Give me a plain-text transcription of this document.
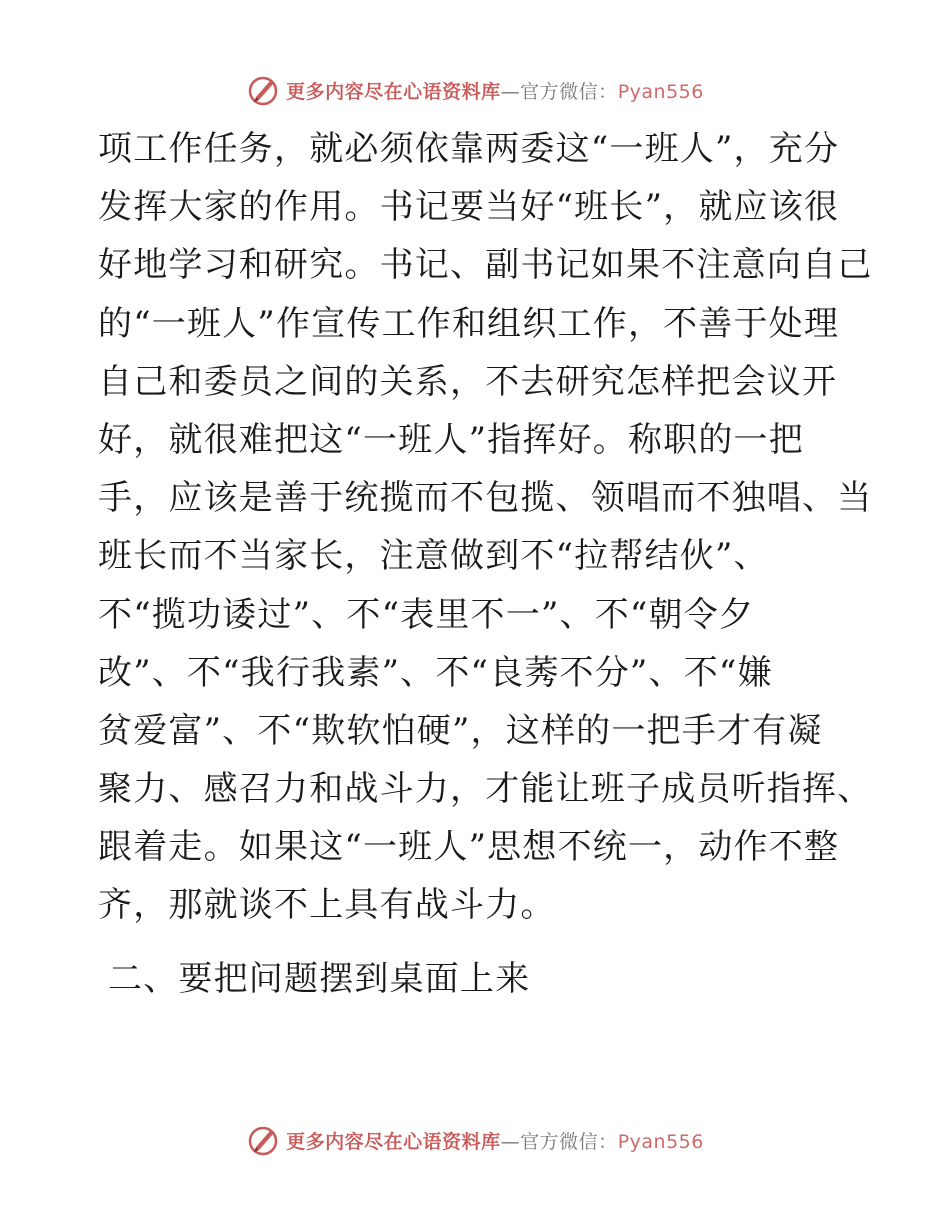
更多内容尽在心语资料库—官方微信：Pyan556
项工作任务，就必须依靠两委这“一班人”，充分
发挥大家的作用。书记要当好“班长”，就应该很
好地学习和研究。书记、副书记如果不注意向自己
的“一班人”作宣传工作和组织工作，不善于处理
自己和委员之间的关系，不去研究怎样把会议开
好，就很难把这“一班人”指挥好。称职的一把
手，应该是善于统揽而不包揽、领唱而不独唱、当
班长而不当家长，注意做到不“拉帮结伙”、
不“揽功诿过”、不“表里不一”、不“朝令夕
改”、不“我行我素”、不“良莠不分”、不“嫌
贫爱富”、不“欺软怕硬”，这样的一把手才有凝
聚力、感召力和战斗力，才能让班子成员听指挥、
跟着走。如果这“一班人”思想不统一，动作不整
齐，那就谈不上具有战斗力。
二、要把问题摆到桌面上来
更多内容尽在心语资料库—官方微信：Pyan556
